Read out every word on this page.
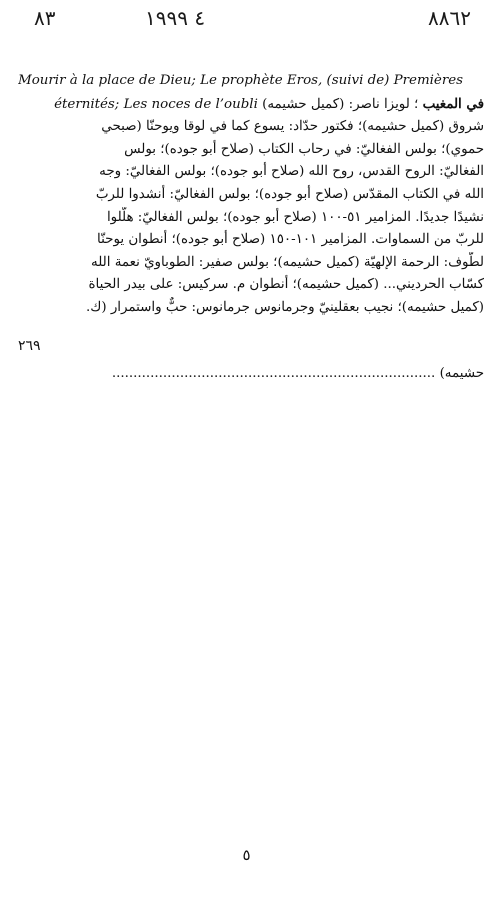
٨٨٦٢
٤ ١٩٩٩
٨٣
Mourir à la place de Dieu; Le prophète Eros, (suivi de) Premières
في المغيب ؛ لويزا ناصر: (كميل حشيمه) éternités; Les noces de l’oubli
شروق (كميل حشيمه)؛ فكتور حدّاد: يسوع كما في لوقا ويوحنّا (صبحي
حموي)؛ بولس الفغاليّ: في رحاب الكتاب (صلاح أبو جوده)؛ بولس
الفغاليّ: الروح القدس، روح الله (صلاح أبو جوده)؛ بولس الفغاليّ: وجه
الله في الكتاب المقدّس (صلاح أبو جوده)؛ بولس الفغاليّ: أنشدوا للربّ
نشيدًا جديدًا. المزامير ٥١-١٠٠ (صلاح أبو جوده)؛ بولس الفغاليّ: هلّلوا
للربّ من السماوات. المزامير ١٠١-١٥٠ (صلاح أبو جوده)؛ أنطوان يوحنّا
لطّوف: الرحمة الإلهيّة (كميل حشيمه)؛ بولس صفير: الطوباويّ نعمة الله
كسّاب الحرديني... (كميل حشيمه)؛ أنطوان م. سركيس: على بيدر الحياة
(كميل حشيمه)؛ نجيب بعقلينيّ وجرمانوس جرمانوس: حبٌّ واستمرار (ك.
٢٦٩
حشيمه) ............................................................................
٥
